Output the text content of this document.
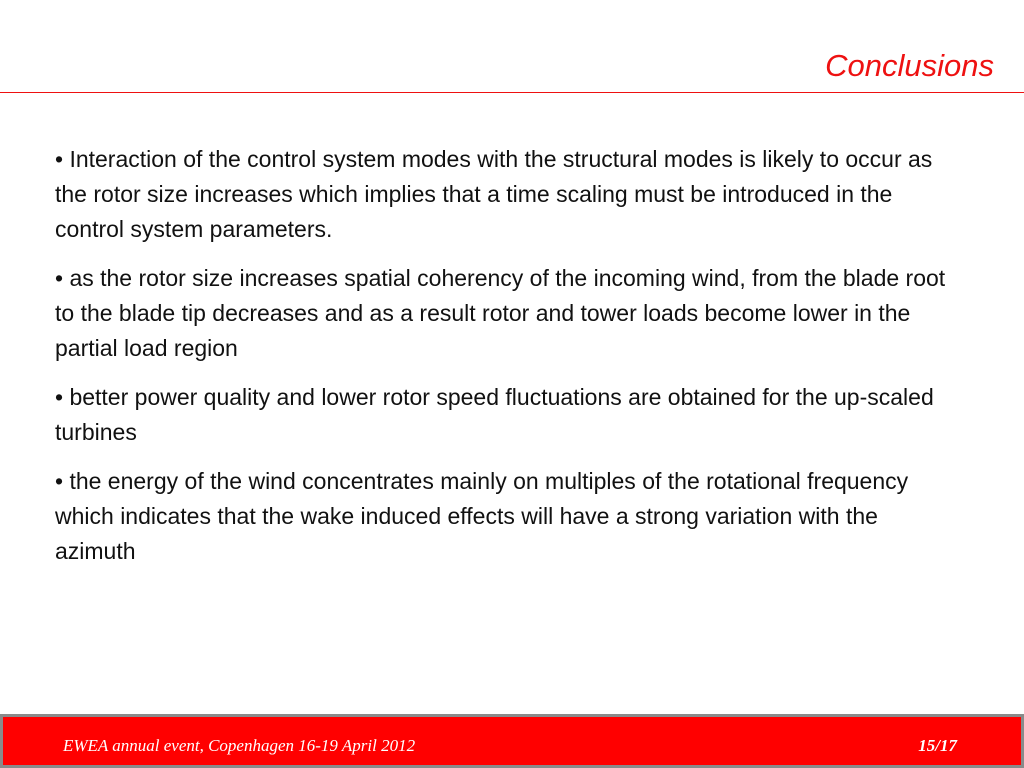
Conclusions

• Interaction of the control system modes with the structural modes is likely to occur as the rotor size increases which implies that a time scaling must be introduced in the control system parameters.

• as the rotor size increases spatial coherency of the incoming wind, from the blade root to the blade tip decreases and as a result rotor and tower loads become lower in the partial load region

• better power quality and lower rotor speed fluctuations are obtained for the up-scaled turbines

• the energy of the wind concentrates mainly on multiples of the rotational frequency which indicates that the wake induced effects will have a strong variation with the azimuth

EWEA annual event, Copenhagen 16-19 April 2012	15/17
